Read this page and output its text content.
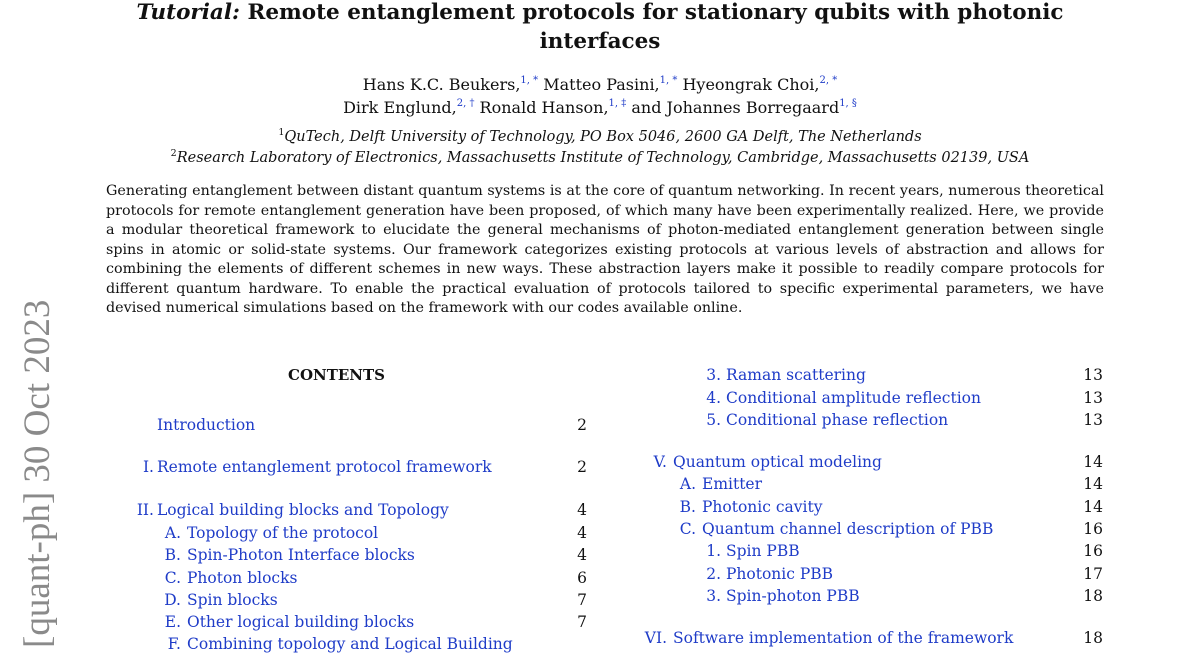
[quant-ph] 30 Oct 2023
Tutorial: Remote entanglement protocols for stationary qubits with photonic
interfaces
Hans K.C. Beukers,$^{1, *}$ Matteo Pasini,$^{1, *}$ Hyeongrak Choi,$^{2, *}$
Dirk Englund,$^{2, \dagger}$ Ronald Hanson,$^{1, \ddagger}$ and Johannes Borregaard$^{1, \S}$
$^1$QuTech, Delft University of Technology, PO Box 5046, 2600 GA Delft, The Netherlands
$^2$Research Laboratory of Electronics, Massachusetts Institute of Technology, Cambridge, Massachusetts 02139, USA
Generating entanglement between distant quantum systems is at the core of quantum networking. In recent years, numerous theoretical protocols for remote entanglement generation have been proposed, of which many have been experimentally realized. Here, we provide a modular theoretical framework to elucidate the general mechanisms of photon-mediated entanglement generation between single spins in atomic or solid-state systems. Our framework categorizes existing protocols at various levels of abstraction and allows for combining the elements of different schemes in new ways. These abstraction layers make it possible to readily compare protocols for different quantum hardware. To enable the practical evaluation of protocols tailored to specific experimental parameters, we have devised numerical simulations based on the framework with our codes available online.
CONTENTS
Introduction	2
I. Remote entanglement protocol framework	2
II. Logical building blocks and Topology	4
A. Topology of the protocol	4
B. Spin-Photon Interface blocks	4
C. Photon blocks	6
D. Spin blocks	7
E. Other logical building blocks	7
F. Combining topology and Logical Building
3. Raman scattering	13
4. Conditional amplitude reflection	13
5. Conditional phase reflection	13
V. Quantum optical modeling	14
A. Emitter	14
B. Photonic cavity	14
C. Quantum channel description of PBB	16
1. Spin PBB	16
2. Photonic PBB	17
3. Spin-photon PBB	18
VI. Software implementation of the framework	18
